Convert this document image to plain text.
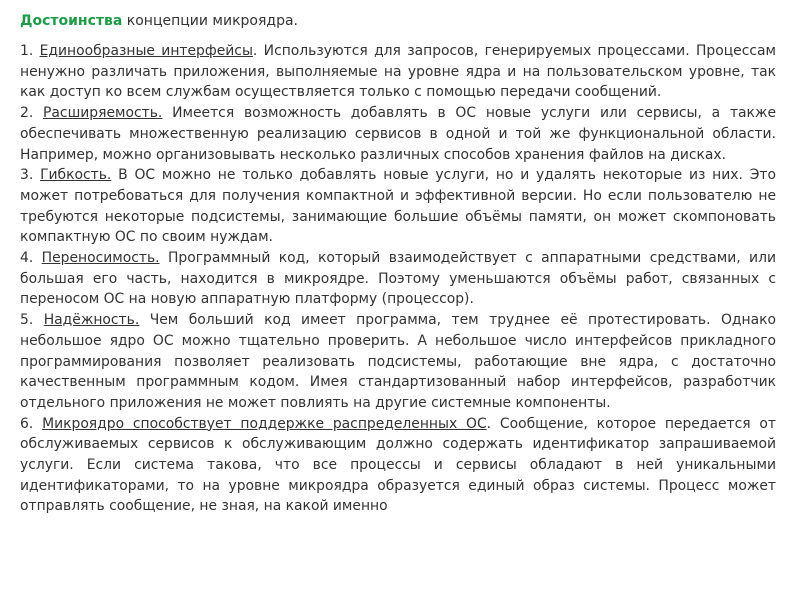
Достоинства концепции микроядра.

1. Единообразные интерфейсы. Используются для запросов, генерируемых процессами. Процессам ненужно различать приложения, выполняемые на уровне ядра и на пользовательском уровне, так как доступ ко всем службам осуществляется только с помощью передачи сообщений.

2. Расширяемость. Имеется возможность добавлять в ОС новые услуги или сервисы, а также обеспечивать множественную реализацию сервисов в одной и той же функциональной области. Например, можно организовывать несколько различных способов хранения файлов на дисках.

3. Гибкость. В ОС можно не только добавлять новые услуги, но и удалять некоторые из них. Это может потребоваться для получения компактной и эффективной версии. Но если пользователю не требуются некоторые подсистемы, занимающие большие объёмы памяти, он может скомпоновать компактную ОС по своим нуждам.

4. Переносимость. Программный код, который взаимодействует с аппаратными средствами, или большая его часть, находится в микроядре. Поэтому уменьшаются объёмы работ, связанных с переносом ОС на новую аппаратную платформу (процессор).

5. Надёжность. Чем больший код имеет программа, тем труднее её протестировать. Однако небольшое ядро ОС можно тщательно проверить. А небольшое число интерфейсов прикладного программирования позволяет реализовать подсистемы, работающие вне ядра, с достаточно качественным программным кодом. Имея стандартизованный набор интерфейсов, разработчик отдельного приложения не может повлиять на другие системные компоненты.

6. Микроядро способствует поддержке распределенных ОС. Сообщение, которое передается от обслуживаемых сервисов к обслуживающим должно содержать идентификатор запрашиваемой услуги. Если система такова, что все процессы и сервисы обладают в ней уникальными идентификаторами, то на уровне микроядра образуется единый образ системы. Процесс может отправлять сообщение, не зная, на какой именно
